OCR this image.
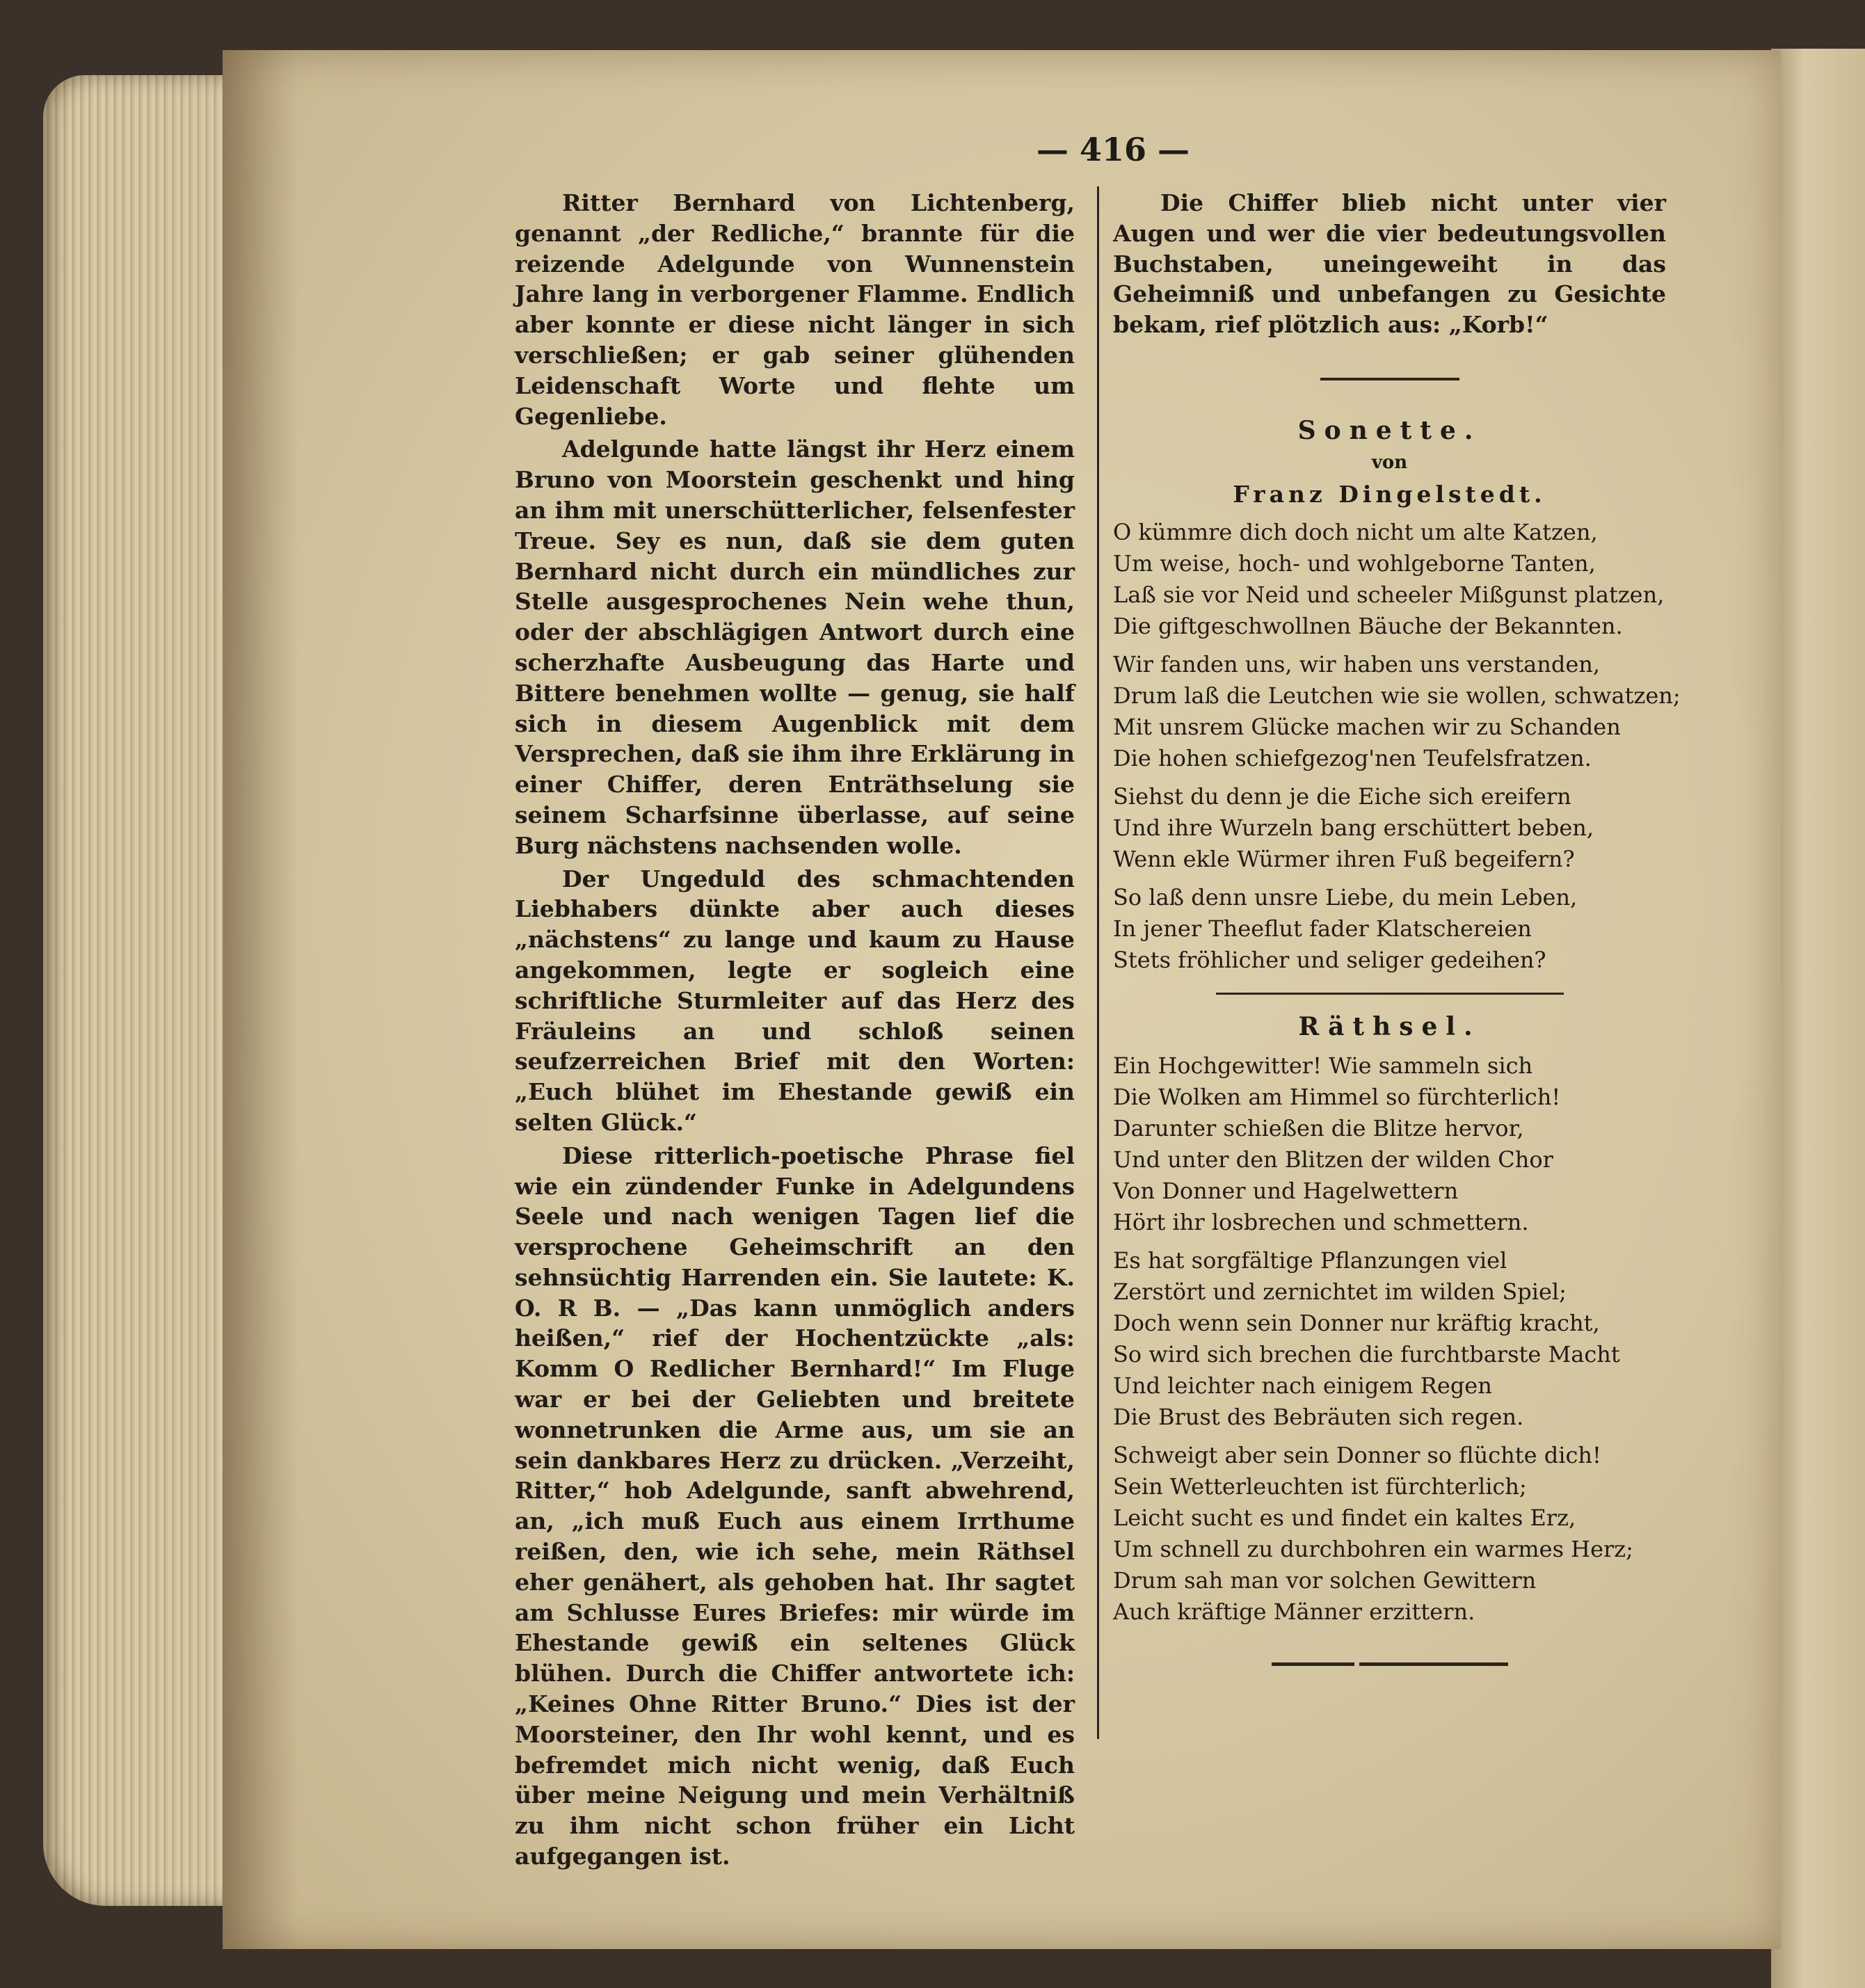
— 416 —

Ritter Bernhard von Lichtenberg, genannt „der Redliche,“ brannte für die reizende Adelgunde von Wunnenstein Jahre lang in verborgener Flamme. Endlich aber konnte er diese nicht länger in sich verschließen; er gab seiner glühenden Leidenschaft Worte und flehte um Gegenliebe.

Adelgunde hatte längst ihr Herz einem Bruno von Moorstein geschenkt und hing an ihm mit unerschütterlicher, felsenfester Treue. Sey es nun, daß sie dem guten Bernhard nicht durch ein mündliches zur Stelle ausgesprochenes Nein wehe thun, oder der abschlägigen Antwort durch eine scherzhafte Ausbeugung das Harte und Bittere benehmen wollte — genug, sie half sich in diesem Augenblick mit dem Versprechen, daß sie ihm ihre Erklärung in einer Chiffer, deren Enträthselung sie seinem Scharfsinne überlasse, auf seine Burg nächstens nachsenden wolle.

Der Ungeduld des schmachtenden Liebhabers dünkte aber auch dieses „nächstens“ zu lange und kaum zu Hause angekommen, legte er sogleich eine schriftliche Sturmleiter auf das Herz des Fräuleins an und schloß seinen seufzerreichen Brief mit den Worten: „Euch blühet im Ehestande gewiß ein selten Glück.“

Diese ritterlich-poetische Phrase fiel wie ein zündender Funke in Adelgundens Seele und nach wenigen Tagen lief die versprochene Geheimschrift an den sehnsüchtig Harrenden ein. Sie lautete: K. O. R B. — „Das kann unmöglich anders heißen,“ rief der Hochentzückte „als: Komm O Redlicher Bernhard!“ Im Fluge war er bei der Geliebten und breitete wonnetrunken die Arme aus, um sie an sein dankbares Herz zu drücken. „Verzeiht, Ritter,“ hob Adelgunde, sanft abwehrend, an, „ich muß Euch aus einem Irrthume reißen, den, wie ich sehe, mein Räthsel eher genähert, als gehoben hat. Ihr sagtet am Schlusse Eures Briefes: mir würde im Ehestande gewiß ein seltenes Glück blühen. Durch die Chiffer antwortete ich: „Keines Ohne Ritter Bruno.“ Dies ist der Moorsteiner, den Ihr wohl kennt, und es befremdet mich nicht wenig, daß Euch über meine Neigung und mein Verhältniß zu ihm nicht schon früher ein Licht aufgegangen ist.

Die Chiffer blieb nicht unter vier Augen und wer die vier bedeutungsvollen Buchstaben, uneingeweiht in das Geheimniß und unbefangen zu Gesichte bekam, rief plötzlich aus: „Korb!“

Sonette.

von

Franz Dingelstedt.

O kümmre dich doch nicht um alte Katzen,
Um weise, hoch- und wohlgeborne Tanten,
Laß sie vor Neid und scheeler Mißgunst platzen,
Die giftgeschwollnen Bäuche der Bekannten.
Wir fanden uns, wir haben uns verstanden,
Drum laß die Leutchen wie sie wollen, schwatzen;
Mit unsrem Glücke machen wir zu Schanden
Die hohen schiefgezog'nen Teufelsfratzen.
Siehst du denn je die Eiche sich ereifern
Und ihre Wurzeln bang erschüttert beben,
Wenn ekle Würmer ihren Fuß begeifern?
So laß denn unsre Liebe, du mein Leben,
In jener Theeflut fader Klatschereien
Stets fröhlicher und seliger gedeihen?

Räthsel.

Ein Hochgewitter! Wie sammeln sich
Die Wolken am Himmel so fürchterlich!
Darunter schießen die Blitze hervor,
Und unter den Blitzen der wilden Chor
Von Donner und Hagelwettern
Hört ihr losbrechen und schmettern.
Es hat sorgfältige Pflanzungen viel
Zerstört und zernichtet im wilden Spiel;
Doch wenn sein Donner nur kräftig kracht,
So wird sich brechen die furchtbarste Macht
Und leichter nach einigem Regen
Die Brust des Bebräuten sich regen.
Schweigt aber sein Donner so flüchte dich!
Sein Wetterleuchten ist fürchterlich;
Leicht sucht es und findet ein kaltes Erz,
Um schnell zu durchbohren ein warmes Herz;
Drum sah man vor solchen Gewittern
Auch kräftige Männer erzittern.
